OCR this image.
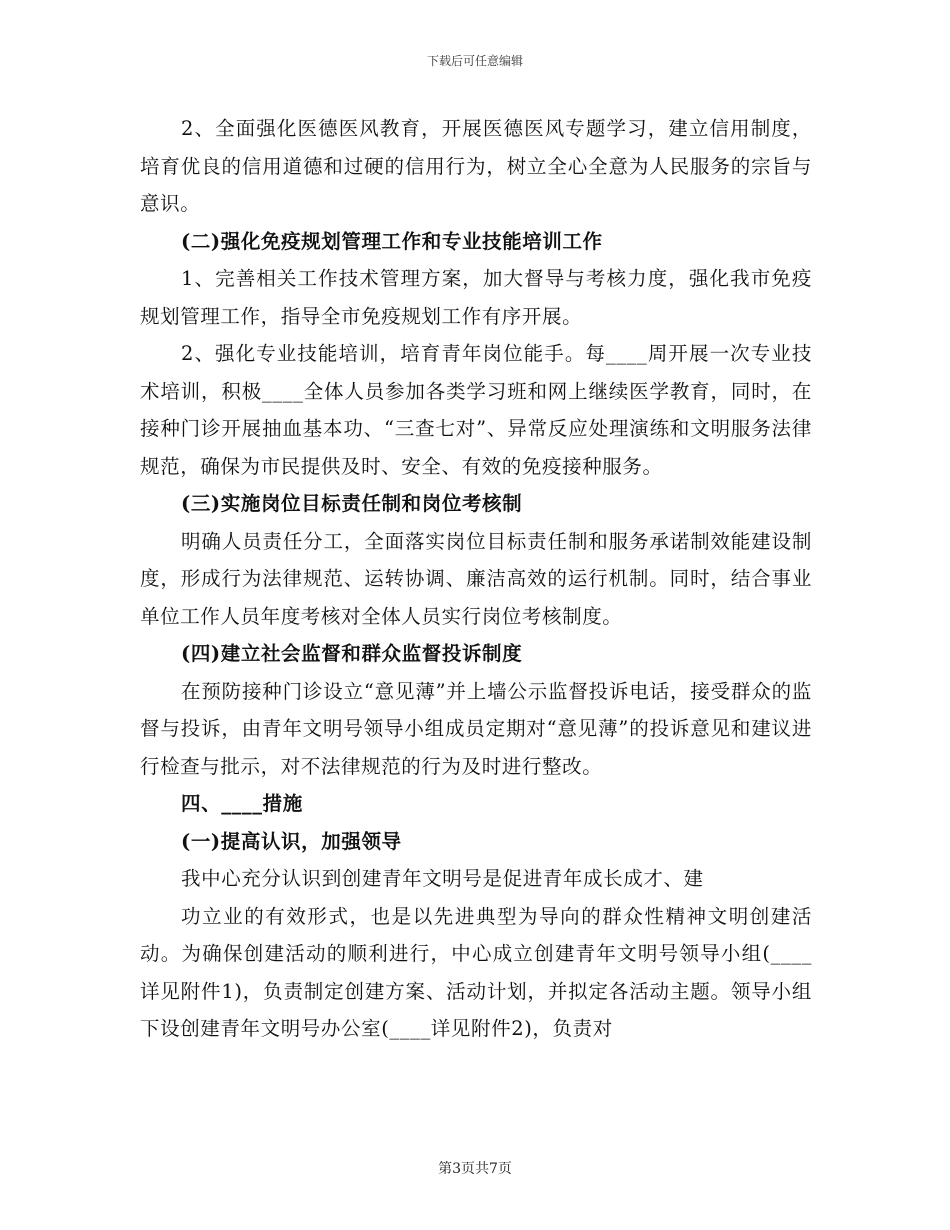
下载后可任意编辑

2、全面强化医德医风教育，开展医德医风专题学习，建立信用制度，培育优良的信用道德和过硬的信用行为，树立全心全意为人民服务的宗旨与意识。

(二)强化免疫规划管理工作和专业技能培训工作

1、完善相关工作技术管理方案，加大督导与考核力度，强化我市免疫规划管理工作，指导全市免疫规划工作有序开展。

2、强化专业技能培训，培育青年岗位能手。每____周开展一次专业技术培训，积极____全体人员参加各类学习班和网上继续医学教育，同时，在接种门诊开展抽血基本功、“三查七对”、异常反应处理演练和文明服务法律规范，确保为市民提供及时、安全、有效的免疫接种服务。

(三)实施岗位目标责任制和岗位考核制

明确人员责任分工，全面落实岗位目标责任制和服务承诺制效能建设制度，形成行为法律规范、运转协调、廉洁高效的运行机制。同时，结合事业单位工作人员年度考核对全体人员实行岗位考核制度。

(四)建立社会监督和群众监督投诉制度

在预防接种门诊设立“意见薄”并上墙公示监督投诉电话，接受群众的监督与投诉，由青年文明号领导小组成员定期对“意见薄”的投诉意见和建议进行检查与批示，对不法律规范的行为及时进行整改。

四、____措施

(一)提高认识，加强领导

我中心充分认识到创建青年文明号是促进青年成长成才、建

功立业的有效形式，也是以先进典型为导向的群众性精神文明创建活动。为确保创建活动的顺利进行，中心成立创建青年文明号领导小组(____详见附件1)，负责制定创建方案、活动计划，并拟定各活动主题。领导小组下设创建青年文明号办公室(____详见附件2)，负责对

第3页共7页
